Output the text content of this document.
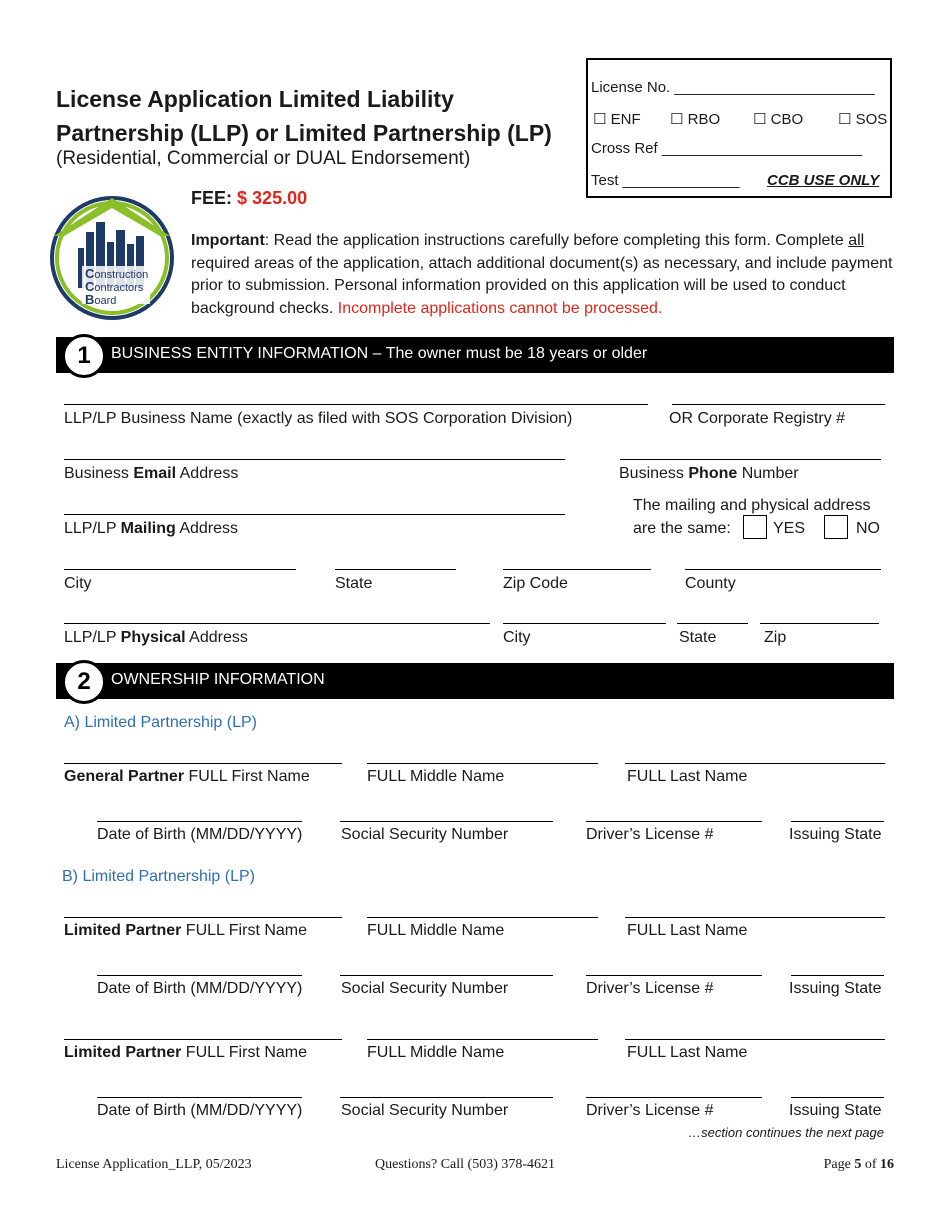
License Application Limited Liability
Partnership (LLP) or Limited Partnership (LP)
(Residential, Commercial or DUAL Endorsement)
License No. ________________________
☐ ENF ☐ RBO ☐ CBO ☐ SOS
Cross Ref ________________________
Test ______________ CCB USE ONLY
Construction
Contractors
Board
FEE: $ 325.00
Important: Read the application instructions carefully before completing this form. Complete all required areas of the application, attach additional document(s) as necessary, and include payment prior to submission. Personal information provided on this application will be used to conduct background checks. Incomplete applications cannot be processed.
1	BUSINESS ENTITY INFORMATION – The owner must be 18 years or older
LLP/LP Business Name (exactly as filed with SOS Corporation Division)	OR Corporate Registry #
Business Email Address	Business Phone Number
LLP/LP Mailing Address
The mailing and physical address
are the same:	YES	NO
City	State	Zip Code	County
LLP/LP Physical Address	City	State	Zip
2	OWNERSHIP INFORMATION
A) Limited Partnership (LP)
General Partner FULL First Name	FULL Middle Name	FULL Last Name
Date of Birth (MM/DD/YYYY) Social Security Number	Driver’s License #	Issuing State
B) Limited Partnership (LP)
Limited Partner FULL First Name	FULL Middle Name	FULL Last Name
Date of Birth (MM/DD/YYYY) Social Security Number	Driver’s License #	Issuing State
Limited Partner FULL First Name	FULL Middle Name	FULL Last Name
Date of Birth (MM/DD/YYYY) Social Security Number	Driver’s License #	Issuing State
…section continues the next page
License Application_LLP, 05/2023	Questions? Call (503) 378-4621	Page 5 of 16
